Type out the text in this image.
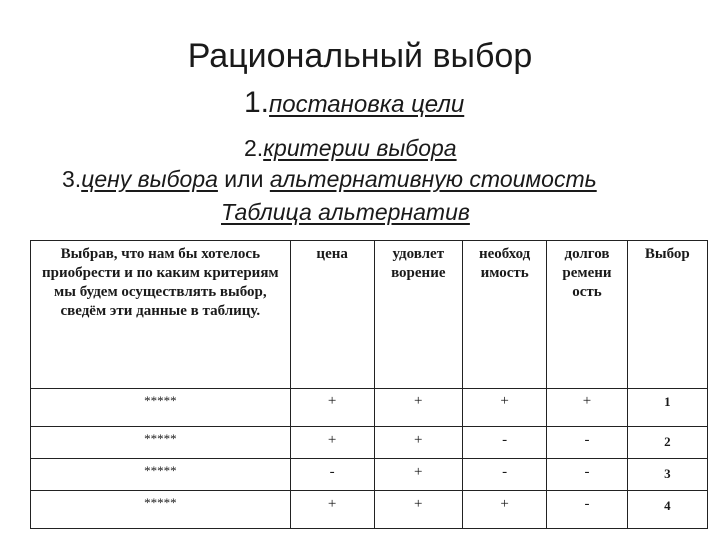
Рациональный выбор
1.постановка цели
2.критерии выбора
3.цену выбора или альтернативную стоимость
Таблица альтернатив
Выбрав, что нам бы хотелось приобрести и по каким критериям мы будем осуществлять выбор, сведём эти данные в таблицу.	цена	удовлет ворение	необход имость	долгов ремени ость	Выбор
*****	+	+	+	+	1
*****	+	+	-	-	2
*****	-	+	-	-	3
*****	+	+	+	-	4
